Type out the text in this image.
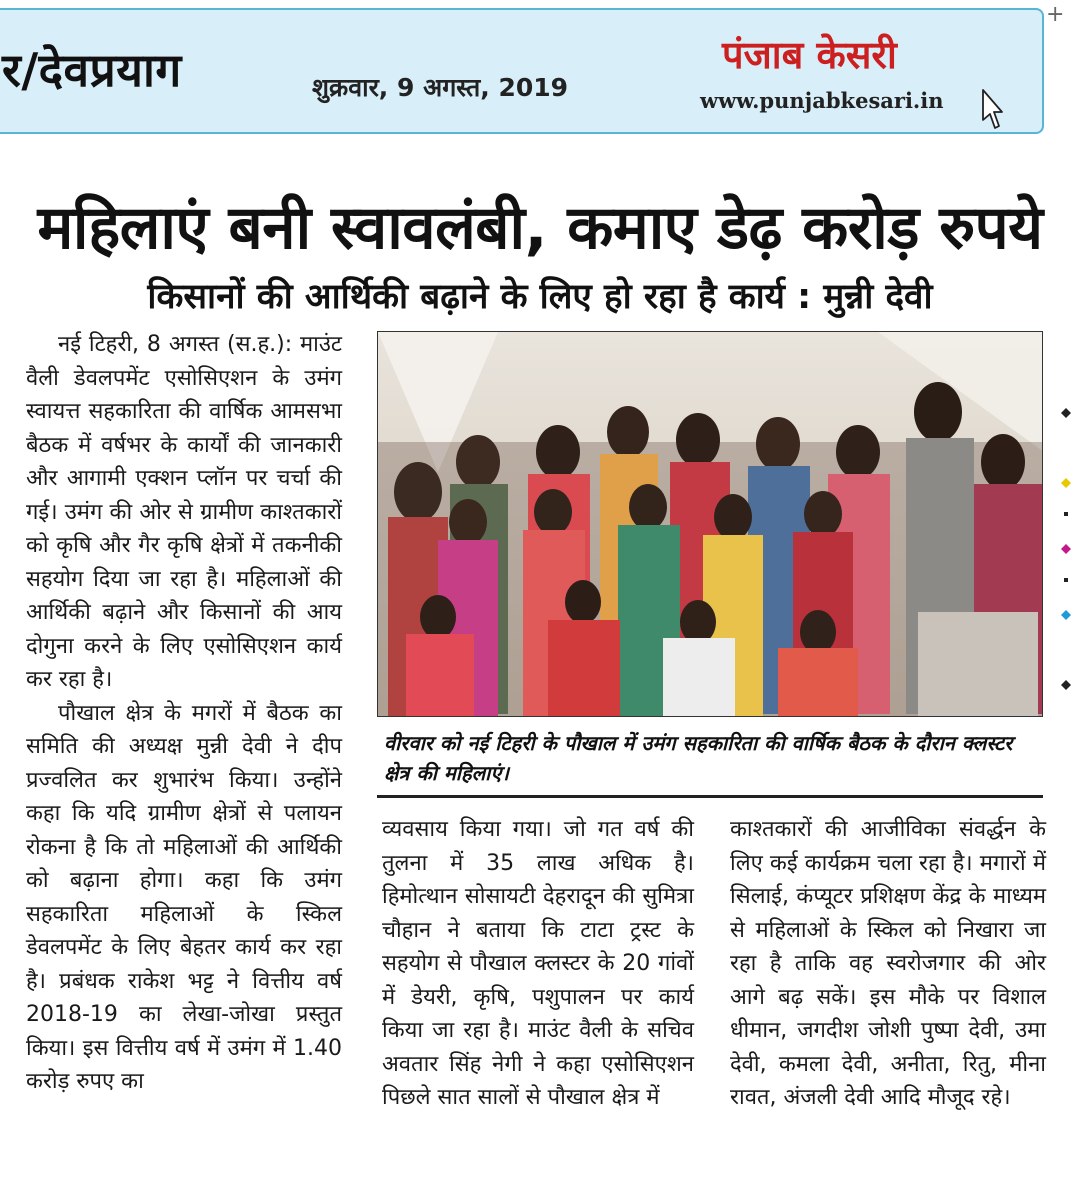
र/देवप्रयाग	शुक्रवार, 9 अगस्त, 2019
पंजाब केसरी
www.punjabkesari.in
+
महिलाएं बनी स्वावलंबी, कमाए डेढ़ करोड़ रुपये
किसानों की आर्थिकी बढ़ाने के लिए हो रहा है कार्य : मुन्नी देवी

नई टिहरी, 8 अगस्त (स.ह.): माउंट वैली डेवलपमेंट एसोसिएशन के उमंग स्वायत्त सहकारिता की वार्षिक आमसभा बैठक में वर्षभर के कार्यों की जानकारी और आगामी एक्शन प्लॉन पर चर्चा की गई। उमंग की ओर से ग्रामीण काश्तकारों को कृषि और गैर कृषि क्षेत्रों में तकनीकी सहयोग दिया जा रहा है। महिलाओं की आर्थिकी बढ़ाने और किसानों की आय दोगुना करने के लिए एसोसिएशन कार्य कर रहा है।

पौखाल क्षेत्र के मगरों में बैठक का समिति की अध्यक्ष मुन्नी देवी ने दीप प्रज्वलित कर शुभारंभ किया। उन्होंने कहा कि यदि ग्रामीण क्षेत्रों से पलायन रोकना है कि तो महिलाओं की आर्थिकी को बढ़ाना होगा। कहा कि उमंग सहकारिता महिलाओं के स्किल डेवलपमेंट के लिए बेहतर कार्य कर रहा है। प्रबंधक राकेश भट्ट ने वित्तीय वर्ष 2018-19 का लेखा-जोखा प्रस्तुत किया। इस वित्तीय वर्ष में उमंग में 1.40 करोड़ रुपए का

वीरवार को नई टिहरी के पौखाल में उमंग सहकारिता की वार्षिक बैठक के दौरान क्लस्टर क्षेत्र की महिलाएं।

व्यवसाय किया गया। जो गत वर्ष की तुलना में 35 लाख अधिक है। हिमोत्थान सोसायटी देहरादून की सुमित्रा चौहान ने बताया कि टाटा ट्रस्ट के सहयोग से पौखाल क्लस्टर के 20 गांवों में डेयरी, कृषि, पशुपालन पर कार्य किया जा रहा है। माउंट वैली के सचिव अवतार सिंह नेगी ने कहा एसोसिएशन पिछले सात सालों से पौखाल क्षेत्र में

काश्तकारों की आजीविका संवर्द्धन के लिए कई कार्यक्रम चला रहा है। मगारों में सिलाई, कंप्यूटर प्रशिक्षण केंद्र के माध्यम से महिलाओं के स्किल को निखारा जा रहा है ताकि वह स्वरोजगार की ओर आगे बढ़ सकें। इस मौके पर विशाल धीमान, जगदीश जोशी पुष्पा देवी, उमा देवी, कमला देवी, अनीता, रितु, मीना रावत, अंजली देवी आदि मौजूद रहे।
